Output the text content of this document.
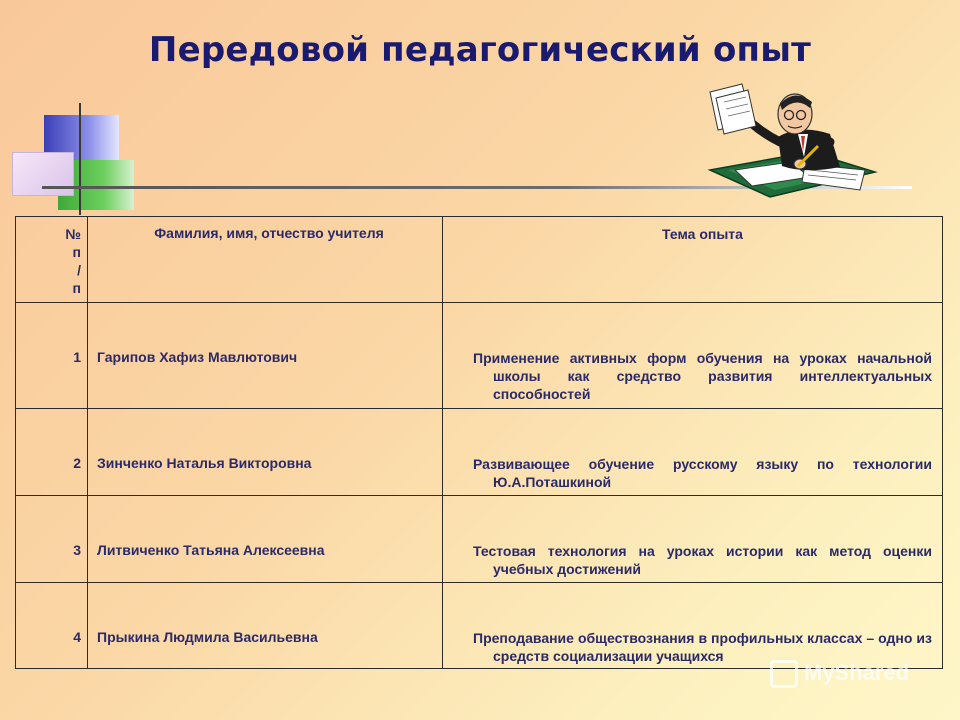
Передовой педагогический опыт
№
п
/
п	Фамилия, имя, отчество учителя	Тема опыта
1	Гарипов Хафиз Мавлютович	Применение активных форм обучения на уроках начальной школы как средство развития интеллектуальных способностей

2	Зинченко Наталья Викторовна	Развивающее обучение русскому языку по технологии Ю.А.Поташкиной

3	Литвиченко Татьяна Алексеевна	Тестовая технология на уроках истории как метод оценки учебных достижений

4	Прыкина Людмила Васильевна	Преподавание обществознания в профильных классах – одно из средств социализации учащихся
MyShared
